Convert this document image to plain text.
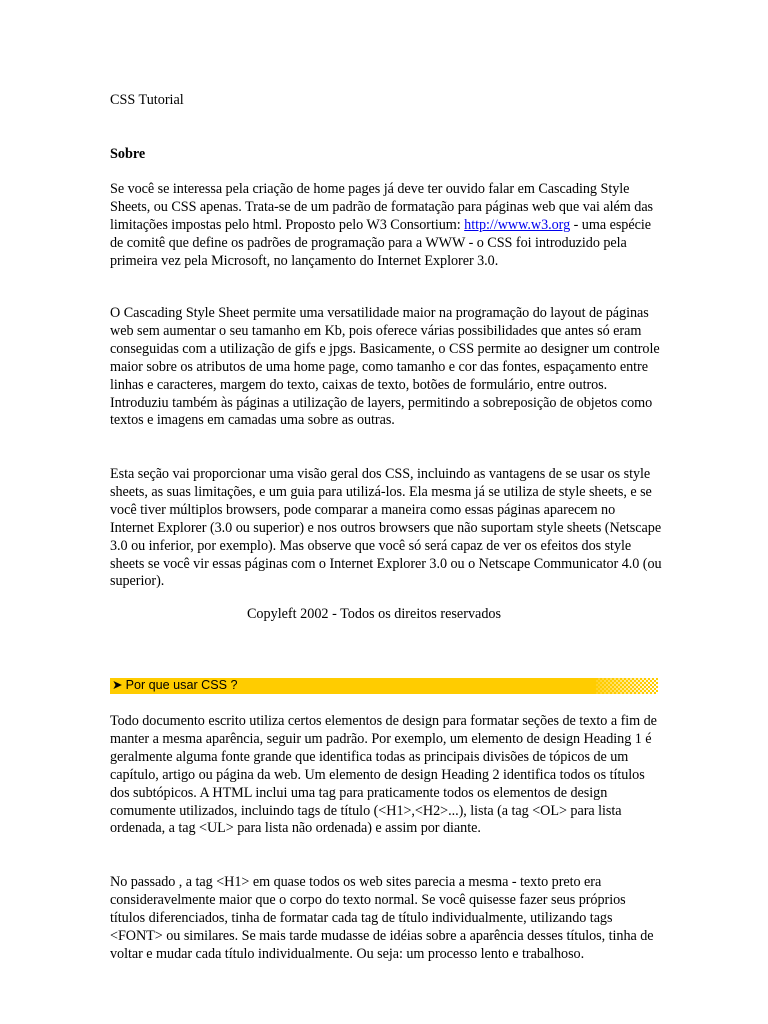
CSS Tutorial
Sobre

Se você se interessa pela criação de home pages já deve ter ouvido falar em Cascading Style Sheets, ou CSS apenas. Trata-se de um padrão de formatação para páginas web que vai além das limitações impostas pelo html. Proposto pelo W3 Consortium: http://www.w3.org - uma espécie de comitê que define os padrões de programação para a WWW - o CSS foi introduzido pela primeira vez pela Microsoft, no lançamento do Internet Explorer 3.0.

O Cascading Style Sheet permite uma versatilidade maior na programação do layout de páginas web sem aumentar o seu tamanho em Kb, pois oferece várias possibilidades que antes só eram conseguidas com a utilização de gifs e jpgs. Basicamente, o CSS permite ao designer um controle maior sobre os atributos de uma home page, como tamanho e cor das fontes, espaçamento entre linhas e caracteres, margem do texto, caixas de texto, botões de formulário, entre outros. Introduziu também às páginas a utilização de layers, permitindo a sobreposição de objetos como textos e imagens em camadas uma sobre as outras.

Esta seção vai proporcionar uma visão geral dos CSS, incluindo as vantagens de se usar os style sheets, as suas limitações, e um guia para utilizá-los. Ela mesma já se utiliza de style sheets, e se você tiver múltiplos browsers, pode comparar a maneira como essas páginas aparecem no Internet Explorer (3.0 ou superior) e nos outros browsers que não suportam style sheets (Netscape 3.0 ou inferior, por exemplo). Mas observe que você só será capaz de ver os efeitos dos style sheets se você vir essas páginas com o Internet Explorer 3.0 ou o Netscape Communicator 4.0 (ou superior).

Copyleft 2002 - Todos os direitos reservados
➤ Por que usar CSS ?

Todo documento escrito utiliza certos elementos de design para formatar seções de texto a fim de manter a mesma aparência, seguir um padrão. Por exemplo, um elemento de design Heading 1 é geralmente alguma fonte grande que identifica todas as principais divisões de tópicos de um capítulo, artigo ou página da web. Um elemento de design Heading 2 identifica todos os títulos dos subtópicos. A HTML inclui uma tag para praticamente todos os elementos de design comumente utilizados, incluindo tags de título (<H1>,<H2>...), lista (a tag <OL> para lista ordenada, a tag <UL> para lista não ordenada) e assim por diante.

No passado , a tag <H1> em quase todos os web sites parecia a mesma - texto preto era consideravelmente maior que o corpo do texto normal. Se você quisesse fazer seus próprios títulos diferenciados, tinha de formatar cada tag de título individualmente, utilizando tags <FONT> ou similares. Se mais tarde mudasse de idéias sobre a aparência desses títulos, tinha de voltar e mudar cada título individualmente. Ou seja: um processo lento e trabalhoso.
